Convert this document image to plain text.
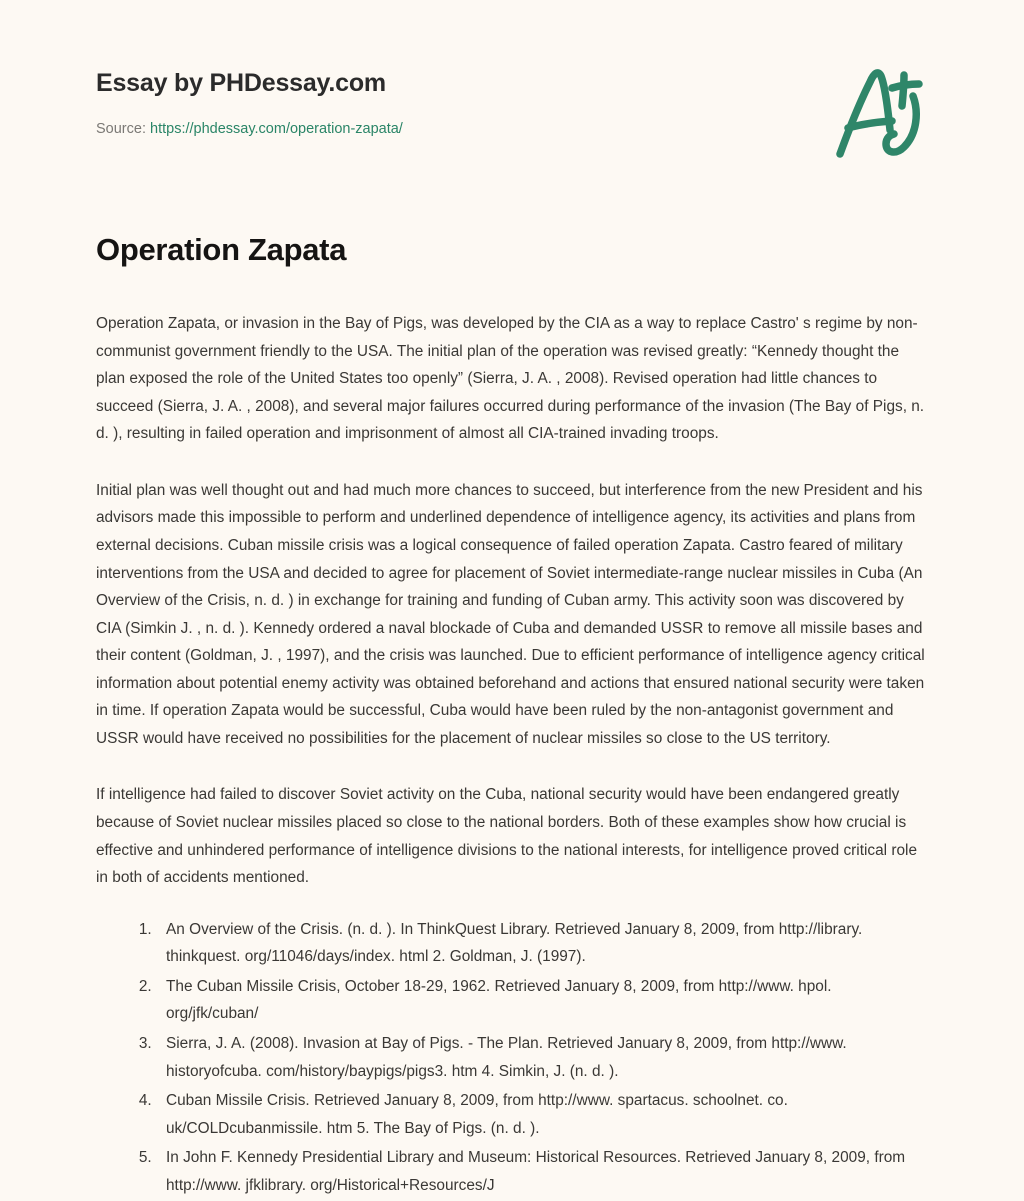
Essay by PHDessay.com
Source: https://phdessay.com/operation-zapata/
Operation Zapata

Operation Zapata, or invasion in the Bay of Pigs, was developed by the CIA as a way to replace Castro' s regime by non-communist government friendly to the USA. The initial plan of the operation was revised greatly: “Kennedy thought the plan exposed the role of the United States too openly” (Sierra, J. A. , 2008). Revised operation had little chances to succeed (Sierra, J. A. , 2008), and several major failures occurred during performance of the invasion (The Bay of Pigs, n. d. ), resulting in failed operation and imprisonment of almost all CIA-trained invading troops.

Initial plan was well thought out and had much more chances to succeed, but interference from the new President and his advisors made this impossible to perform and underlined dependence of intelligence agency, its activities and plans from external decisions. Cuban missile crisis was a logical consequence of failed operation Zapata. Castro feared of military interventions from the USA and decided to agree for placement of Soviet intermediate-range nuclear missiles in Cuba (An Overview of the Crisis, n. d. ) in exchange for training and funding of Cuban army. This activity soon was discovered by CIA (Simkin J. , n. d. ). Kennedy ordered a naval blockade of Cuba and demanded USSR to remove all missile bases and their content (Goldman, J. , 1997), and the crisis was launched. Due to efficient performance of intelligence agency critical information about potential enemy activity was obtained beforehand and actions that ensured national security were taken in time. If operation Zapata would be successful, Cuba would have been ruled by the non-antagonist government and USSR would have received no possibilities for the placement of nuclear missiles so close to the US territory.

If intelligence had failed to discover Soviet activity on the Cuba, national security would have been endangered greatly because of Soviet nuclear missiles placed so close to the national borders. Both of these examples show how crucial is effective and unhindered performance of intelligence divisions to the national interests, for intelligence proved critical role in both of accidents mentioned.

1. An Overview of the Crisis. (n. d. ). In ThinkQuest Library. Retrieved January 8, 2009, from http://library. thinkquest. org/11046/days/index. html 2. Goldman, J. (1997).
2. The Cuban Missile Crisis, October 18-29, 1962. Retrieved January 8, 2009, from http://www. hpol. org/jfk/cuban/
3. Sierra, J. A. (2008). Invasion at Bay of Pigs. - The Plan. Retrieved January 8, 2009, from http://www. historyofcuba. com/history/baypigs/pigs3. htm 4. Simkin, J. (n. d. ).
4. Cuban Missile Crisis. Retrieved January 8, 2009, from http://www. spartacus. schoolnet. co. uk/COLDcubanmissile. htm 5. The Bay of Pigs. (n. d. ).
5. In John F. Kennedy Presidential Library and Museum: Historical Resources. Retrieved January 8, 2009, from http://www. jfklibrary. org/Historical+Resources/J
